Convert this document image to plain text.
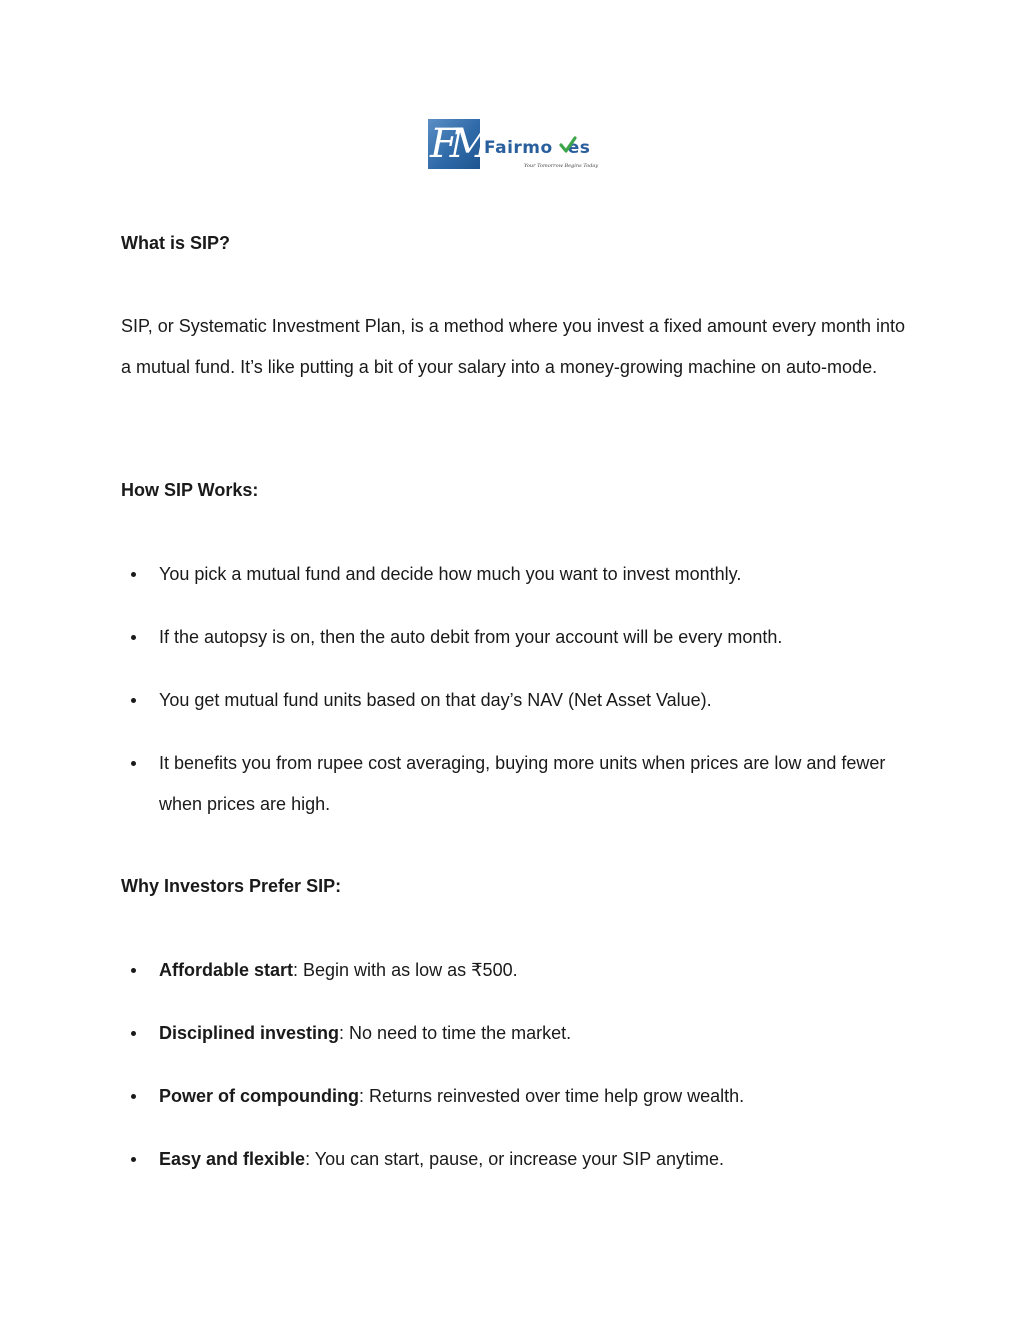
FM Fairmo es
Your Tomorrow Begins Today
What is SIP?

SIP, or Systematic Investment Plan, is a method where you invest a fixed amount every month into a mutual fund. It’s like putting a bit of your salary into a money-growing machine on auto-mode.

How SIP Works:
You pick a mutual fund and decide how much you want to invest monthly.
If the autopsy is on, then the auto debit from your account will be every month.
You get mutual fund units based on that day’s NAV (Net Asset Value).
It benefits you from rupee cost averaging, buying more units when prices are low and fewer when prices are high.
Why Investors Prefer SIP:
Affordable start: Begin with as low as ₹500.
Disciplined investing: No need to time the market.
Power of compounding: Returns reinvested over time help grow wealth.
Easy and flexible: You can start, pause, or increase your SIP anytime.
